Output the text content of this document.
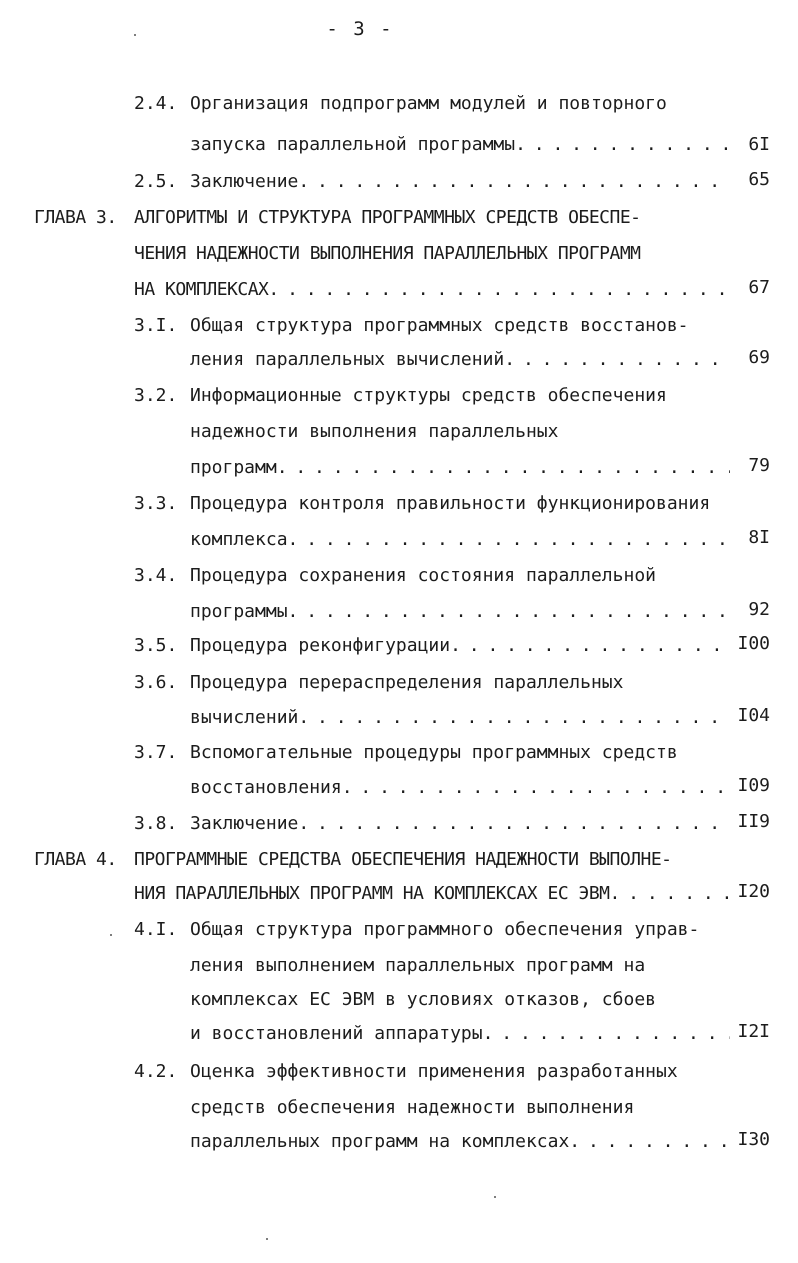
- 3 -
2.4. Организация подпрограмм модулей и повторного
запуска параллельной программы . . .	6I
2.5. Заключение . . .	65
ГЛАВА 3. АЛГОРИТМЫ И СТРУКТУРА ПРОГРАММНЫХ СРЕДСТВ ОБЕСПЕ-
ЧЕНИЯ НАДЕЖНОСТИ ВЫПОЛНЕНИЯ ПАРАЛЛЕЛЬНЫХ ПРОГРАММ
НА КОМПЛЕКСАХ . . .	67
3.I. Общая структура программных средств восстанов-
ления параллельных вычислений . . .	69
3.2. Информационные структуры средств обеспечения
надежности выполнения параллельных
программ . . .	79
3.3. Процедура контроля правильности функционирования
комплекса . . .	8I
3.4. Процедура сохранения состояния параллельной
программы . . .	92
3.5. Процедура реконфигурации . . .	I00
3.6. Процедура перераспределения параллельных
вычислений . . .	I04
3.7. Вспомогательные процедуры программных средств
восстановления . . .	I09
3.8. Заключение . . .	II9
ГЛАВА 4. ПРОГРАММНЫЕ СРЕДСТВА ОБЕСПЕЧЕНИЯ НАДЕЖНОСТИ ВЫПОЛНЕ-
НИЯ ПАРАЛЛЕЛЬНЫХ ПРОГРАММ НА КОМПЛЕКСАХ ЕС ЭВМ . . .	I20
4.I. Общая структура программного обеспечения управ-
ления выполнением параллельных программ на
комплексах ЕС ЭВМ в условиях отказов, сбоев
и восстановлений аппаратуры . . .	I2I
4.2. Оценка эффективности применения разработанных
средств обеспечения надежности выполнения
параллельных программ на комплексах . . .	I30
